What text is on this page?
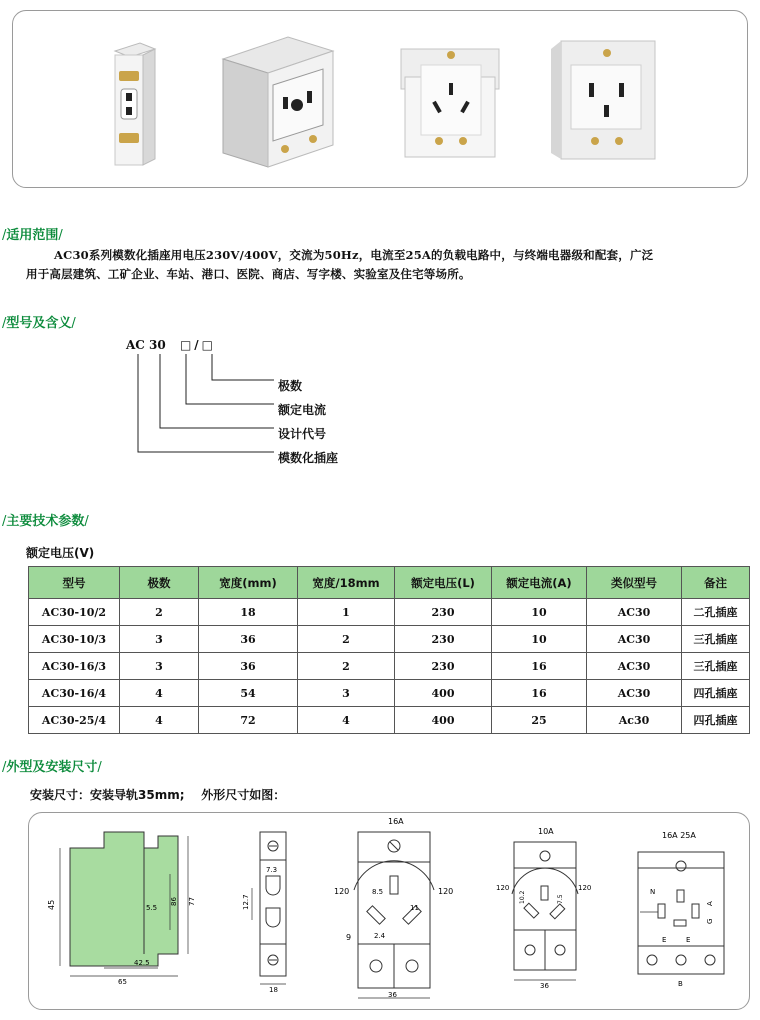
/适用范围/
AC30系列模数化插座用电压230V/400V，交流为50Hz，电流至25A的负载电路中，与终端电器级和配套，广泛
用于高层建筑、工矿企业、车站、港口、医院、商店、写字楼、实验室及住宅等场所。
/型号及含义/
AC 30 □/□
极数
额定电流
设计代号
模数化插座
/主要技术参数/
额定电压(V)
型号	极数	宽度(mm)	宽度/18mm	额定电压(L)	额定电流(A)	类似型号	备注
AC30-10/2	2	18	1	230	10	AC30	二孔插座
AC30-10/3	3	36	2	230	10	AC30	三孔插座
AC30-16/3	3	36	2	230	16	AC30	三孔插座
AC30-16/4	4	54	3	400	16	AC30	四孔插座
AC30-25/4	4	72	4	400	25	Ac30	四孔插座
/外型及安装尺寸/
安装尺寸：安装导轨35mm;    外形尺寸如图：
45	5.5
86 77
42.5
65
7.3
12.7
18
16A
120	120
8.5
11
9	2.4
36
10A
120	120
10.2	7.5
36
16A 25A
N
E	E
A
G
B
